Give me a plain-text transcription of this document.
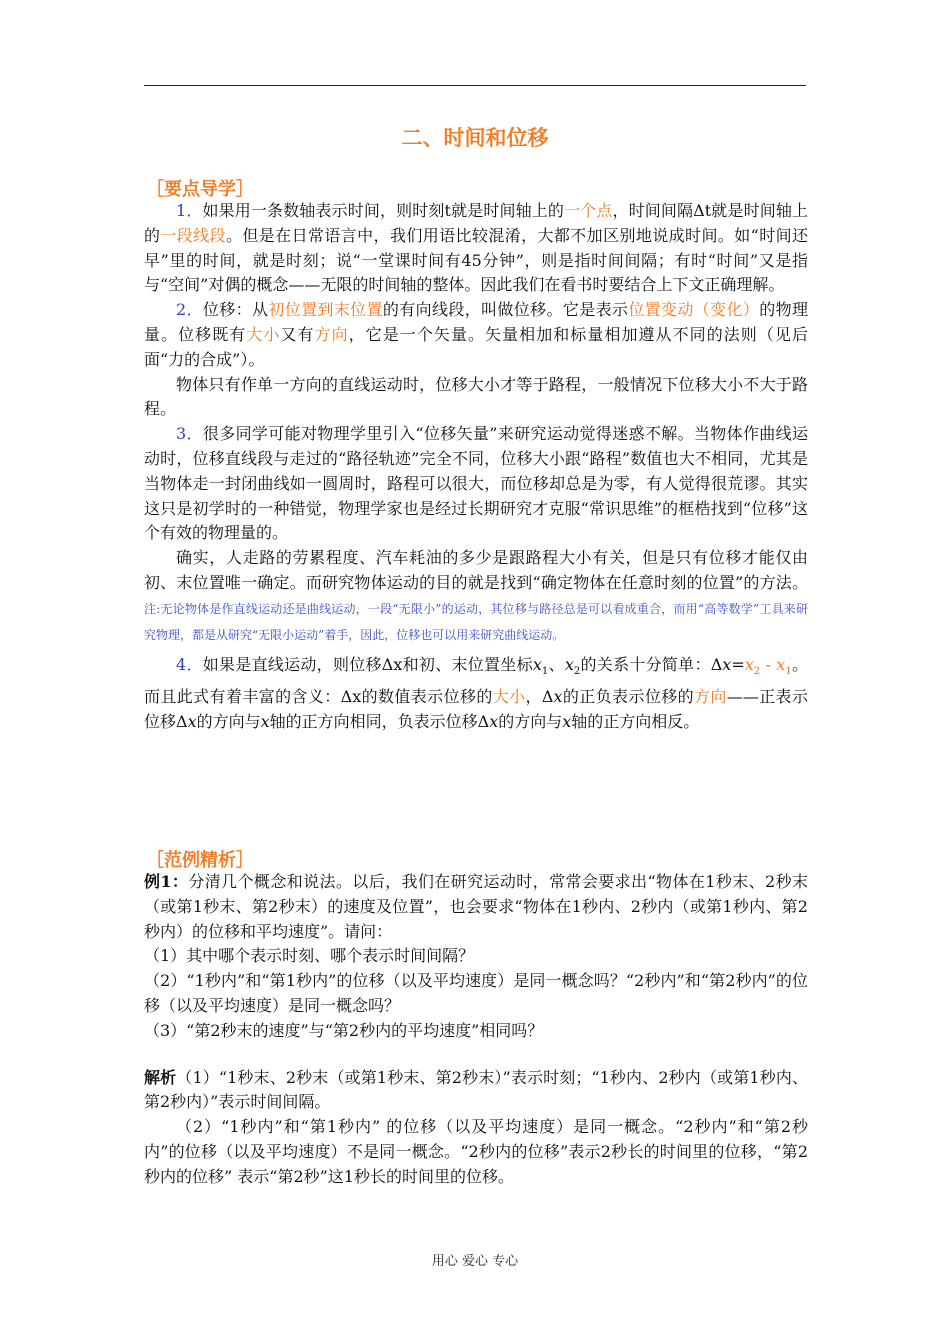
二、时间和位移
［要点导学］

1．如果用一条数轴表示时间，则时刻t就是时间轴上的一个点，时间间隔Δt就是时间轴上的一段线段。但是在日常语言中，我们用语比较混淆，大都不加区别地说成时间。如“时间还早”里的时间，就是时刻；说“一堂课时间有45分钟”，则是指时间间隔；有时“时间”又是指与“空间”对偶的概念——无限的时间轴的整体。因此我们在看书时要结合上下文正确理解。

2．位移：从初位置到末位置的有向线段，叫做位移。它是表示位置变动（变化）的物理量。位移既有大小又有方向，它是一个矢量。矢量相加和标量相加遵从不同的法则（见后面“力的合成”）。

物体只有作单一方向的直线运动时，位移大小才等于路程，一般情况下位移大小不大于路程。

3．很多同学可能对物理学里引入“位移矢量”来研究运动觉得迷惑不解。当物体作曲线运动时，位移直线段与走过的“路径轨迹”完全不同，位移大小跟“路程”数值也大不相同，尤其是当物体走一封闭曲线如一圆周时，路程可以很大，而位移却总是为零，有人觉得很荒谬。其实这只是初学时的一种错觉，物理学家也是经过长期研究才克服“常识思维”的框梏找到“位移”这个有效的物理量的。

确实，人走路的劳累程度、汽车耗油的多少是跟路程大小有关，但是只有位移才能仅由初、末位置唯一确定。而研究物体运动的目的就是找到“确定物体在任意时刻的位置”的方法。注:无论物体是作直线运动还是曲线运动，一段“无限小”的运动，其位移与路径总是可以看成重合，而用“高等数学”工具来研究物理，都是从研究“无限小运动”着手，因此，位移也可以用来研究曲线运动。

4．如果是直线运动，则位移Δx和初、末位置坐标$x_1$、$x_2$的关系十分简单：$\Delta x=x_2 - x_1$。而且此式有着丰富的含义：Δx的数值表示位移的大小，Δx的正负表示位移的方向——正表示位移Δx的方向与x轴的正方向相同，负表示位移Δx的方向与x轴的正方向相反。

［范例精析］

例1：分清几个概念和说法。以后，我们在研究运动时，常常会要求出“物体在1秒末、2秒末（或第1秒末、第2秒末）的速度及位置”，也会要求“物体在1秒内、2秒内（或第1秒内、第2秒内）的位移和平均速度”。请问：

（1）其中哪个表示时刻、哪个表示时间间隔？

（2）“1秒内”和“第1秒内”的位移（以及平均速度）是同一概念吗？“2秒内”和“第2秒内”的位移（以及平均速度）是同一概念吗？

（3）“第2秒末的速度”与“第2秒内的平均速度”相同吗？

解析（1）“1秒末、2秒末（或第1秒末、第2秒末）”表示时刻；“1秒内、2秒内（或第1秒内、第2秒内）”表示时间间隔。

（2）“1秒内”和“第1秒内” 的位移（以及平均速度）是同一概念。“2秒内”和“第2秒内”的位移（以及平均速度）不是同一概念。“2秒内的位移”表示2秒长的时间里的位移，“第2秒内的位移” 表示“第2秒”这1秒长的时间里的位移。

用心 爱心 专心
